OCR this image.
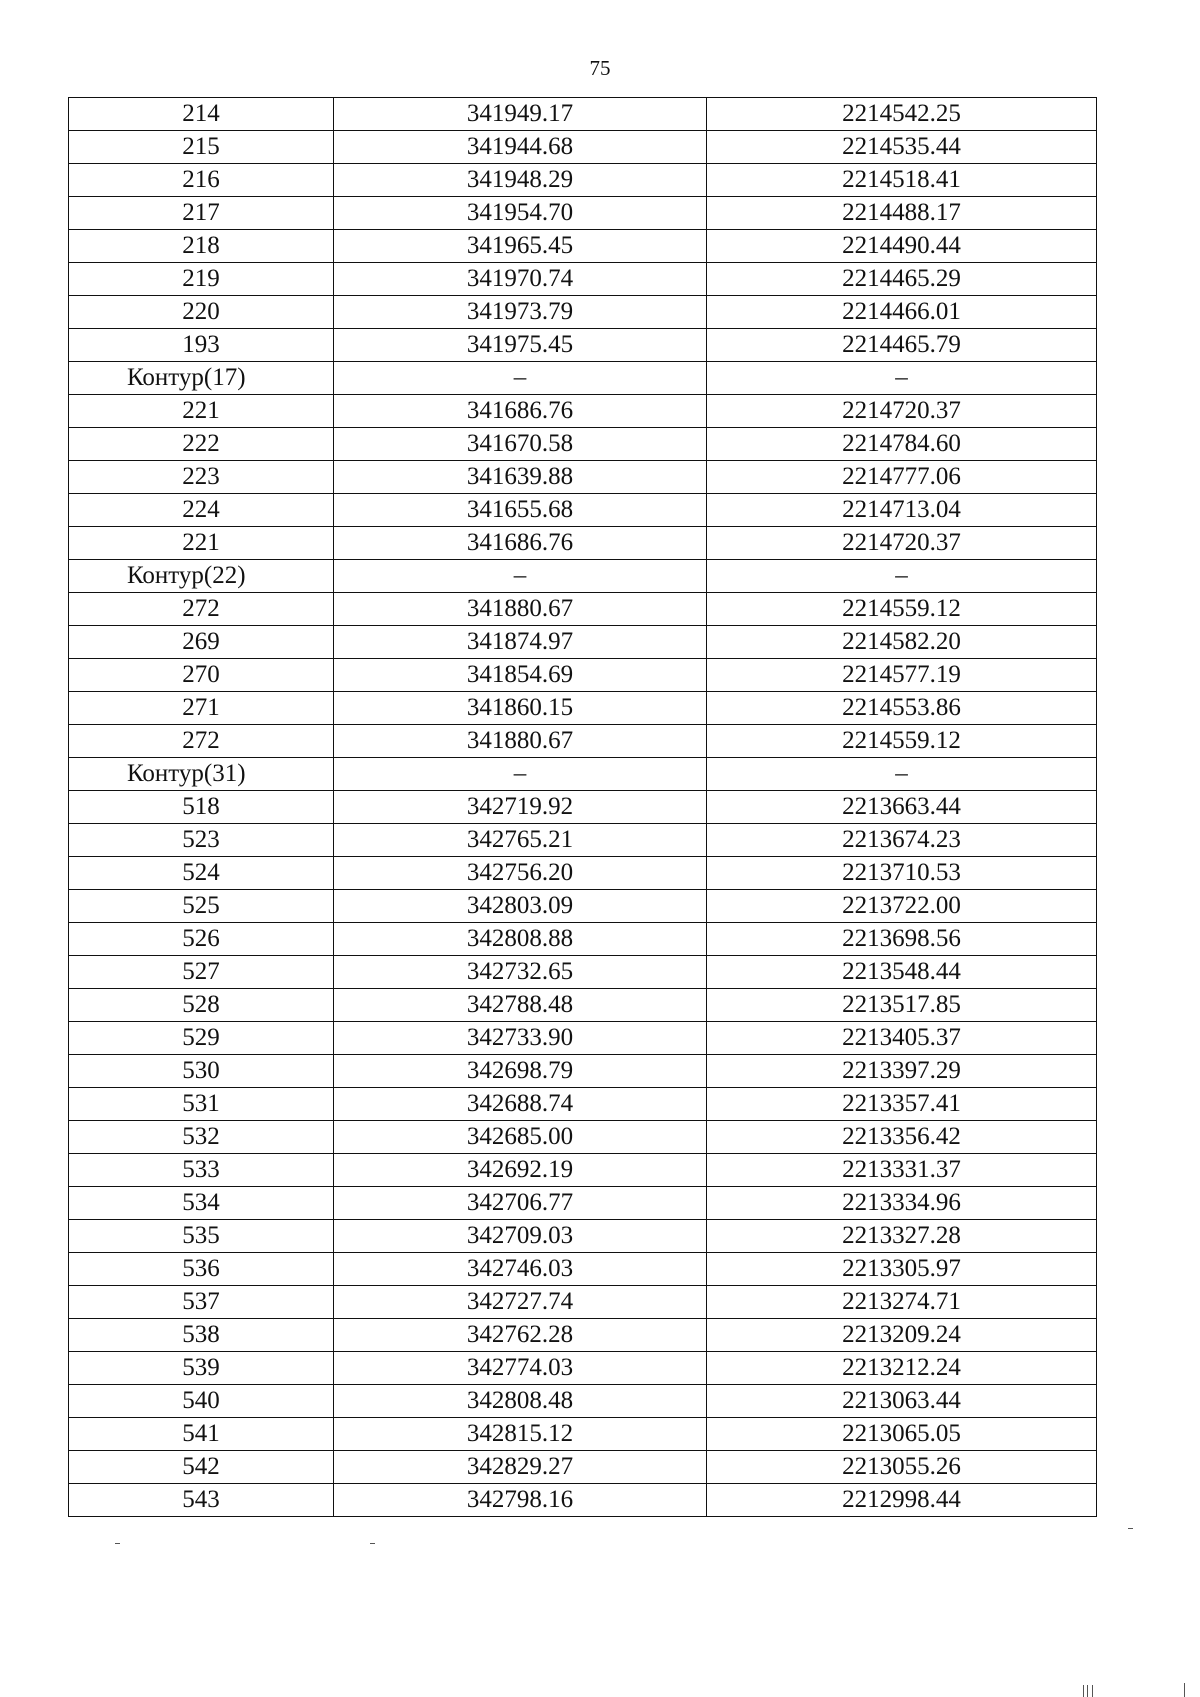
75
214	341949.17	2214542.25
215	341944.68	2214535.44
216	341948.29	2214518.41
217	341954.70	2214488.17
218	341965.45	2214490.44
219	341970.74	2214465.29
220	341973.79	2214466.01
193	341975.45	2214465.79
Контур(17)	–	–
221	341686.76	2214720.37
222	341670.58	2214784.60
223	341639.88	2214777.06
224	341655.68	2214713.04
221	341686.76	2214720.37
Контур(22)	–	–
272	341880.67	2214559.12
269	341874.97	2214582.20
270	341854.69	2214577.19
271	341860.15	2214553.86
272	341880.67	2214559.12
Контур(31)	–	–
518	342719.92	2213663.44
523	342765.21	2213674.23
524	342756.20	2213710.53
525	342803.09	2213722.00
526	342808.88	2213698.56
527	342732.65	2213548.44
528	342788.48	2213517.85
529	342733.90	2213405.37
530	342698.79	2213397.29
531	342688.74	2213357.41
532	342685.00	2213356.42
533	342692.19	2213331.37
534	342706.77	2213334.96
535	342709.03	2213327.28
536	342746.03	2213305.97
537	342727.74	2213274.71
538	342762.28	2213209.24
539	342774.03	2213212.24
540	342808.48	2213063.44
541	342815.12	2213065.05
542	342829.27	2213055.26
543	342798.16	2212998.44
